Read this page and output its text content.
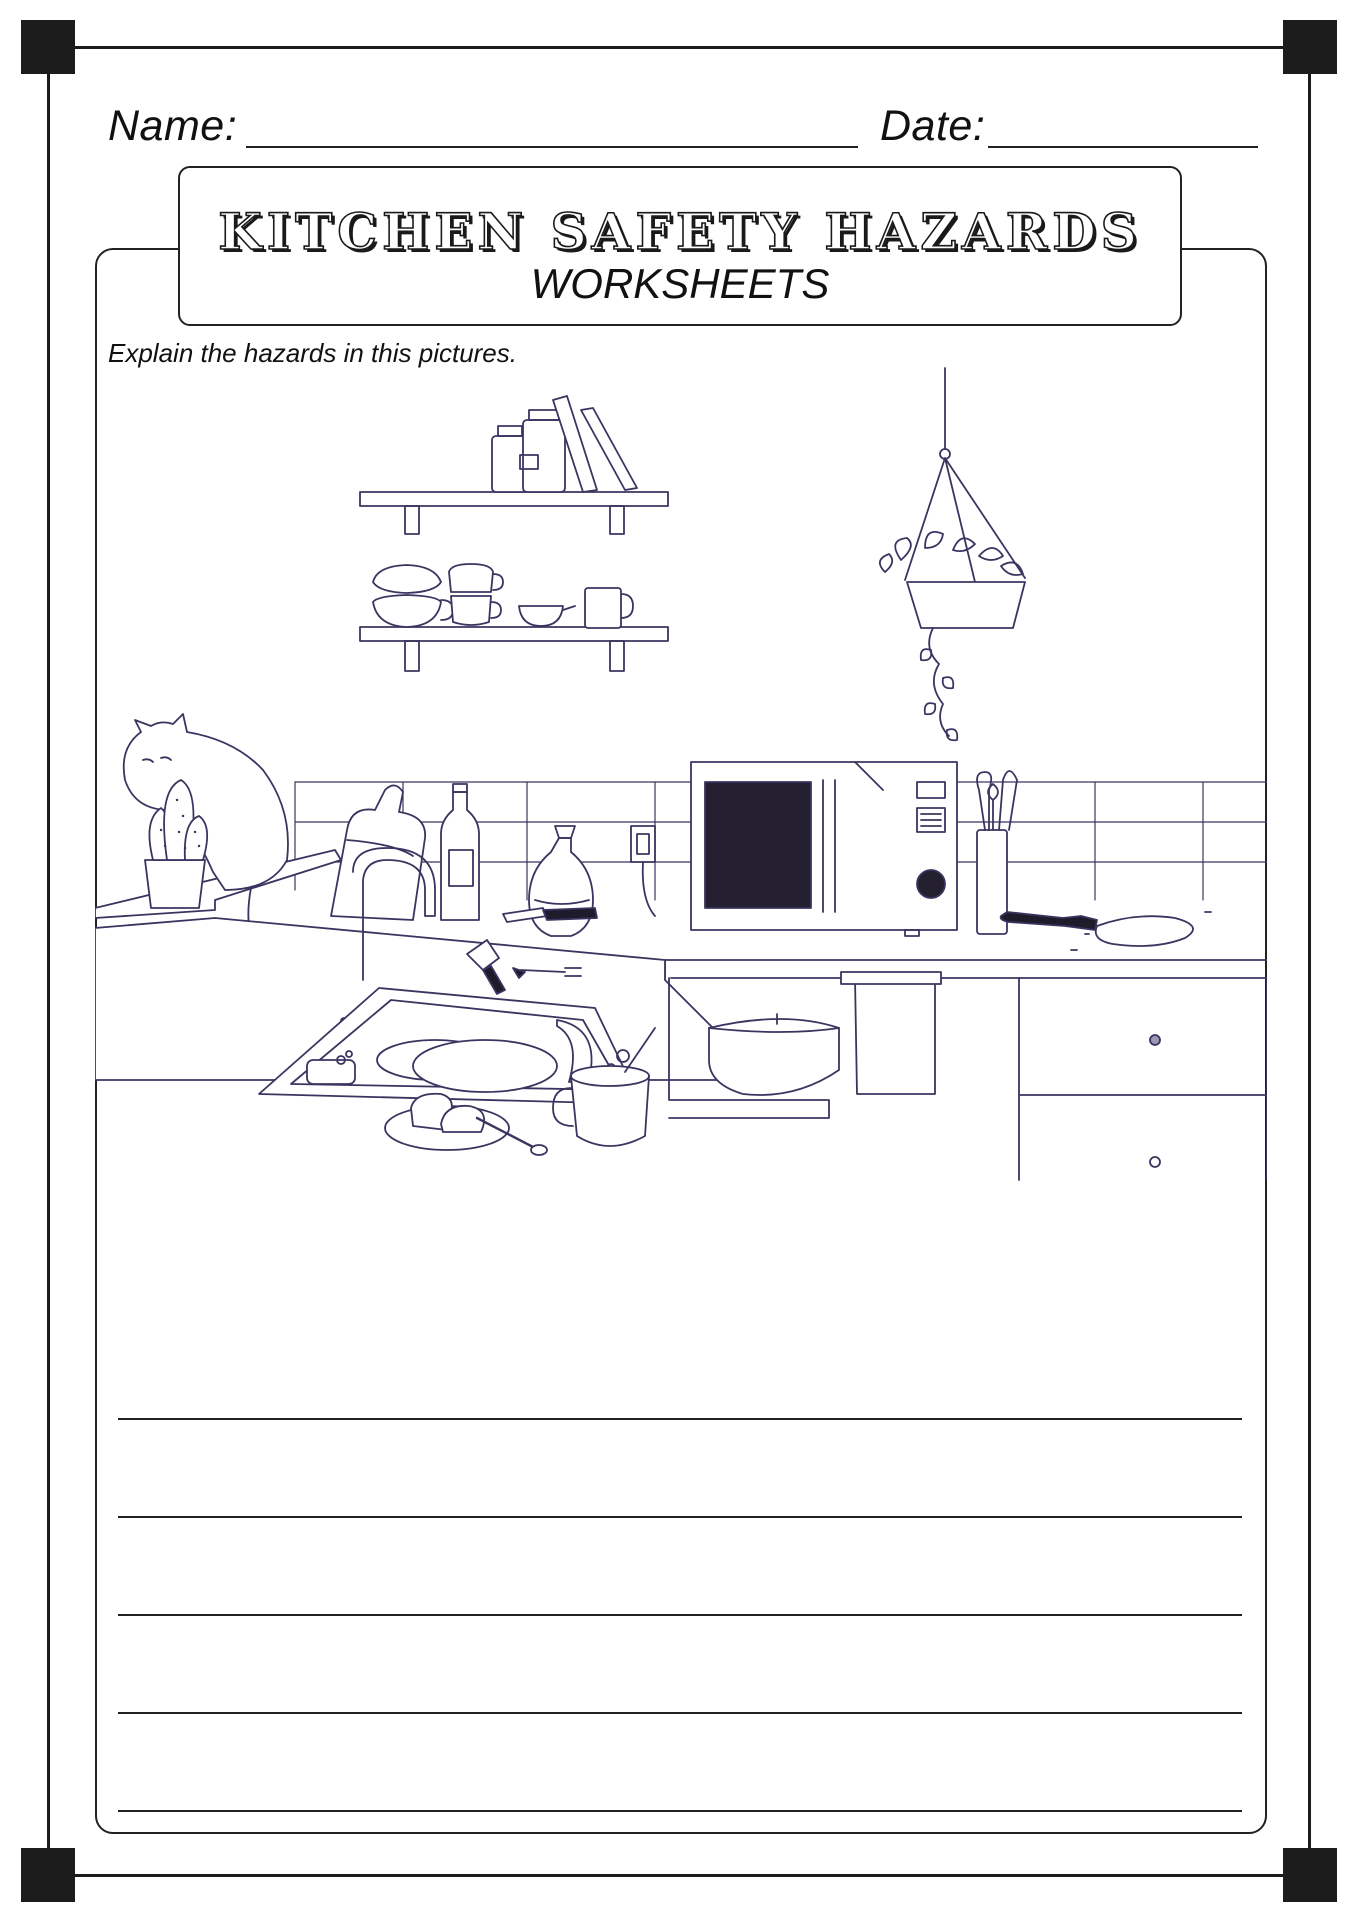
Name:	Date:
KITCHEN SAFETY HAZARDS
WORKSHEETS
Explain the hazards in this pictures.
